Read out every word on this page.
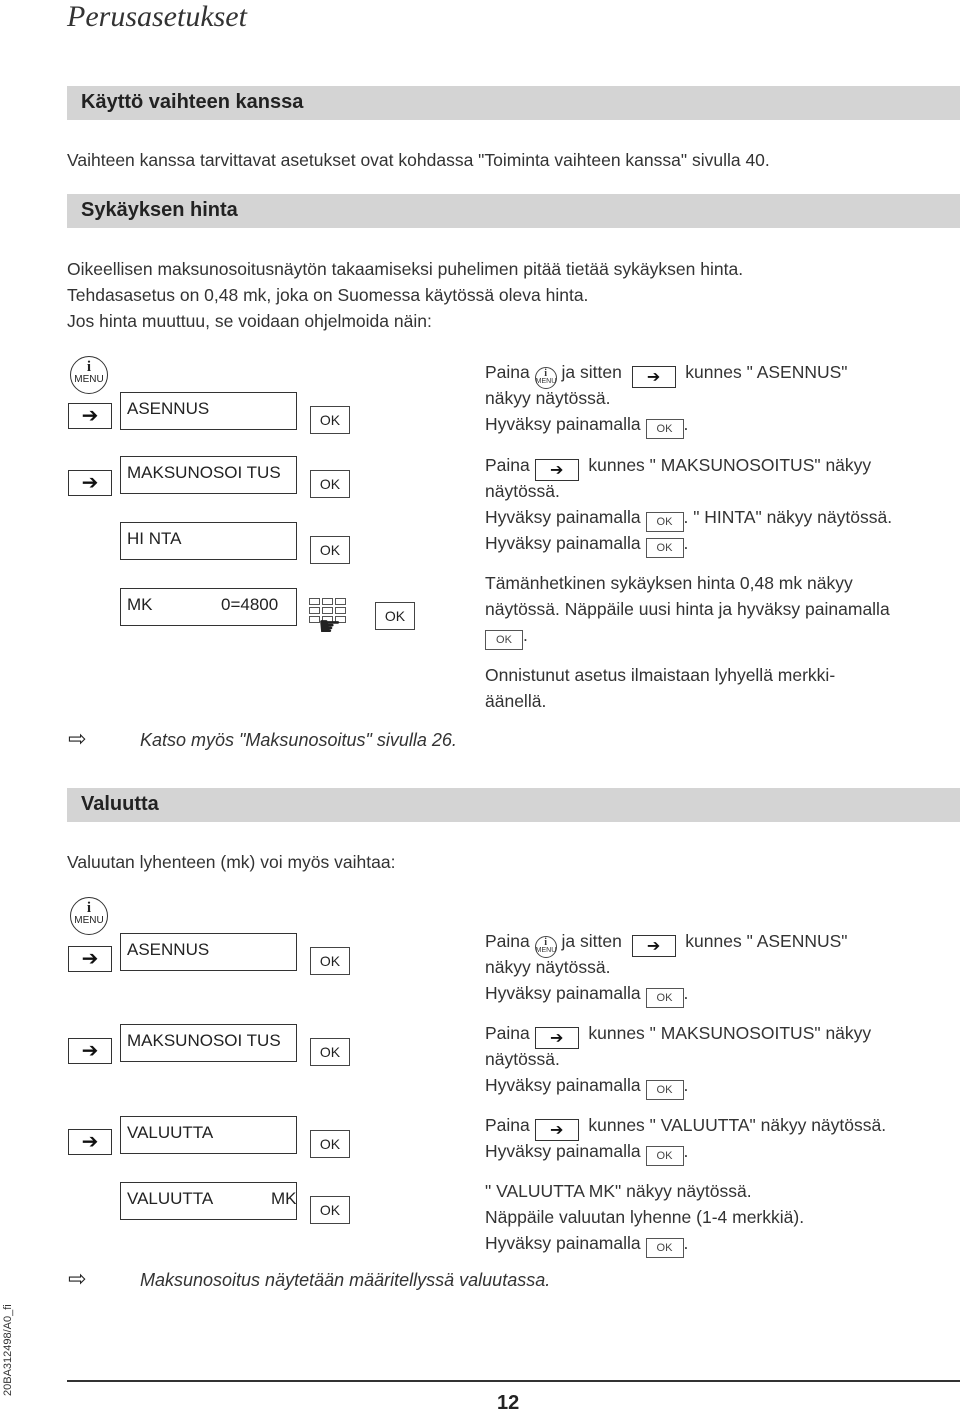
Perusasetukset
Käyttö vaihteen kanssa
Vaihteen kanssa tarvittavat asetukset ovat kohdassa "Toiminta vaihteen kanssa" sivulla 40.
Sykäyksen hinta
Oikeellisen maksunosoitusnäytön takaamiseksi puhelimen pitää tietää sykäyksen hinta.
Tehdasasetus on 0,48 mk, joka on Suomessa käytössä oleva hinta.
Jos hinta muuttuu, se voidaan ohjelmoida näin:
i
MENU
➔	ASENNUS
OK
➔	MAKSUNOSOI TUS
OK
HI NTA
OK
MK	0=4800
☛	OK
Paina	i
MENU ja sitten ➔ kunnes " ASENNUS"
näkyy näytössä.
Hyväksy painamalla OK .
Paina ➔ kunnes " MAKSUNOSOITUS" näkyy
näytössä.
Hyväksy painamalla OK . " HINTA" näkyy näytössä.
Hyväksy painamalla OK .
Tämänhetkinen sykäyksen hinta 0,48 mk näkyy
näytössä. Näppäile uusi hinta ja hyväksy painamalla
OK .
Onnistunut asetus ilmaistaan lyhyellä merkki-
äänellä.
⇨	Katso myös "Maksunosoitus" sivulla 26.
Valuutta
Valuutan lyhenteen (mk) voi myös vaihtaa:
i
MENU
➔	ASENNUS
OK
➔	MAKSUNOSOI TUS
OK
➔	VALUUTTA
OK
VALUUTTA	MK
OK
Paina	i
MENU ja sitten ➔ kunnes " ASENNUS"
näkyy näytössä.
Hyväksy painamalla OK .
Paina ➔ kunnes " MAKSUNOSOITUS" näkyy
näytössä.
Hyväksy painamalla OK .
Paina ➔ kunnes " VALUUTTA" näkyy näytössä.
Hyväksy painamalla OK .
" VALUUTTA MK" näkyy näytössä.
Näppäile valuutan lyhenne (1-4 merkkiä).
Hyväksy painamalla OK .
⇨	Maksunosoitus näytetään määritellyssä valuutassa.
20BA312498/A0_fi
12
